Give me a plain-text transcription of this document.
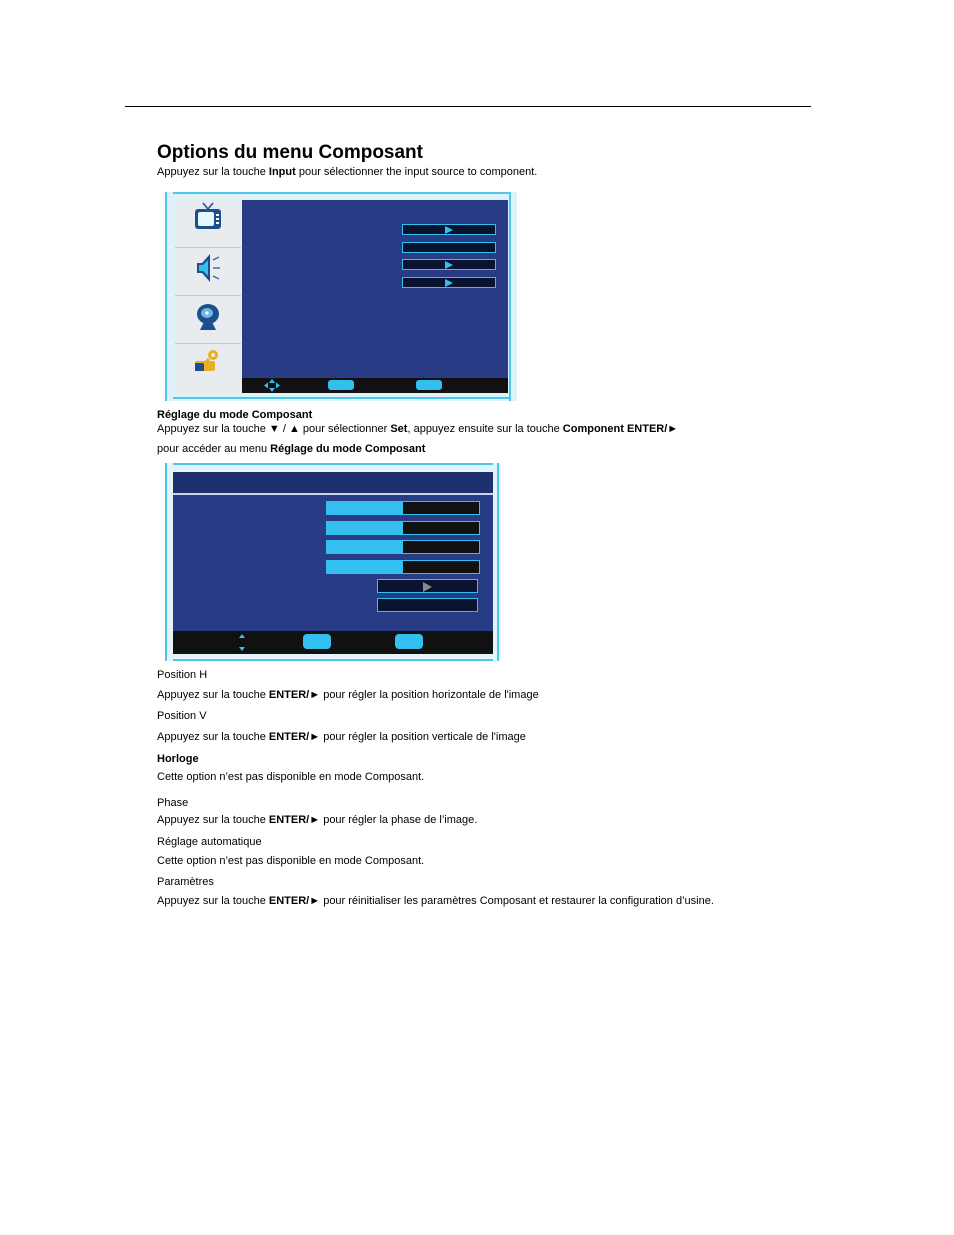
Options du menu Composant
Appuyez sur la touche Input pour sélectionner the input source to component.
Réglage du mode Composant
Appuyez sur la touche ▼ / ▲ pour sélectionner Set, appuyez ensuite sur la touche Component ENTER/►
pour accéder au menu Réglage du mode Composant
Position H
Appuyez sur la touche ENTER/► pour régler la position horizontale de l'image
Position V
Appuyez sur la touche ENTER/► pour régler la position verticale de l'image
Horloge
Cette option n’est pas disponible en mode Composant.
Phase
Appuyez sur la touche ENTER/► pour régler la phase de l’image.
Réglage automatique
Cette option n’est pas disponible en mode Composant.
Paramètres
Appuyez sur la touche ENTER/► pour réinitialiser les paramètres Composant et restaurer la configuration d’usine.
